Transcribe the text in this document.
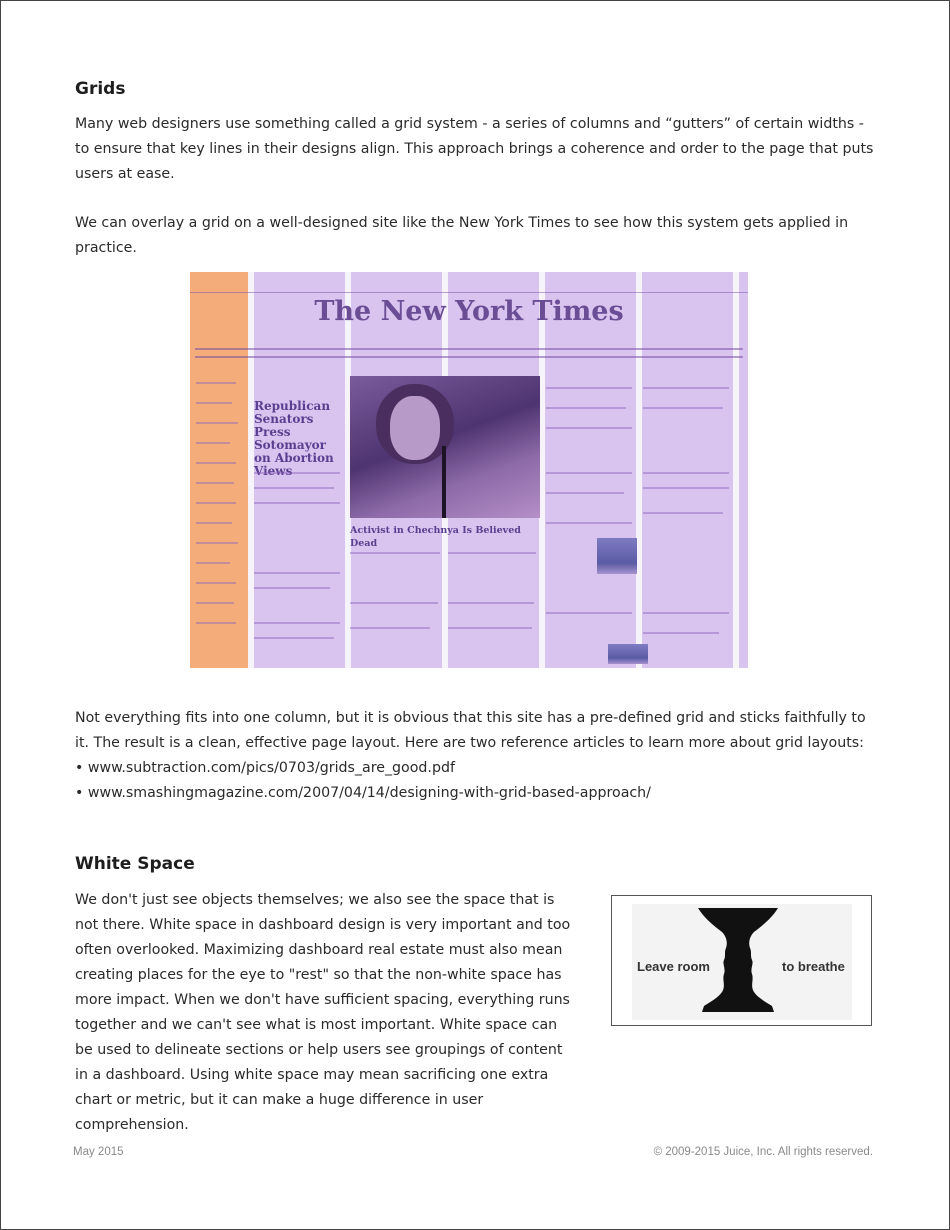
Grids

Many web designers use something called a grid system - a series of columns and “gutters” of certain widths - to ensure that key lines in their designs align. This approach brings a coherence and order to the page that puts users at ease.

We can overlay a grid on a well-designed site like the New York Times to see how this system gets applied in practice.

The New York Times
Republican Senators Press Sotomayor on Abortion Views
Activist in Chechnya Is Believed Dead

Not everything fits into one column, but it is obvious that this site has a pre-defined grid and sticks faithfully to it. The result is a clean, effective page layout. Here are two reference articles to learn more about grid layouts:

• www.subtraction.com/pics/0703/grids_are_good.pdf
• www.smashingmagazine.com/2007/04/14/designing-with-grid-based-approach/
White Space

We don't just see objects themselves; we also see the space that is not there. White space in dashboard design is very important and too often overlooked. Maximizing dashboard real estate must also mean creating places for the eye to "rest" so that the non-white space has more impact. When we don't have sufficient spacing, everything runs together and we can't see what is most important. White space can be used to delineate sections or help users see groupings of content in a dashboard. Using white space may mean sacrificing one extra chart or metric, but it can make a huge difference in user comprehension.

Leave room	to breathe
May 2015	© 2009-2015 Juice, Inc. All rights reserved.
